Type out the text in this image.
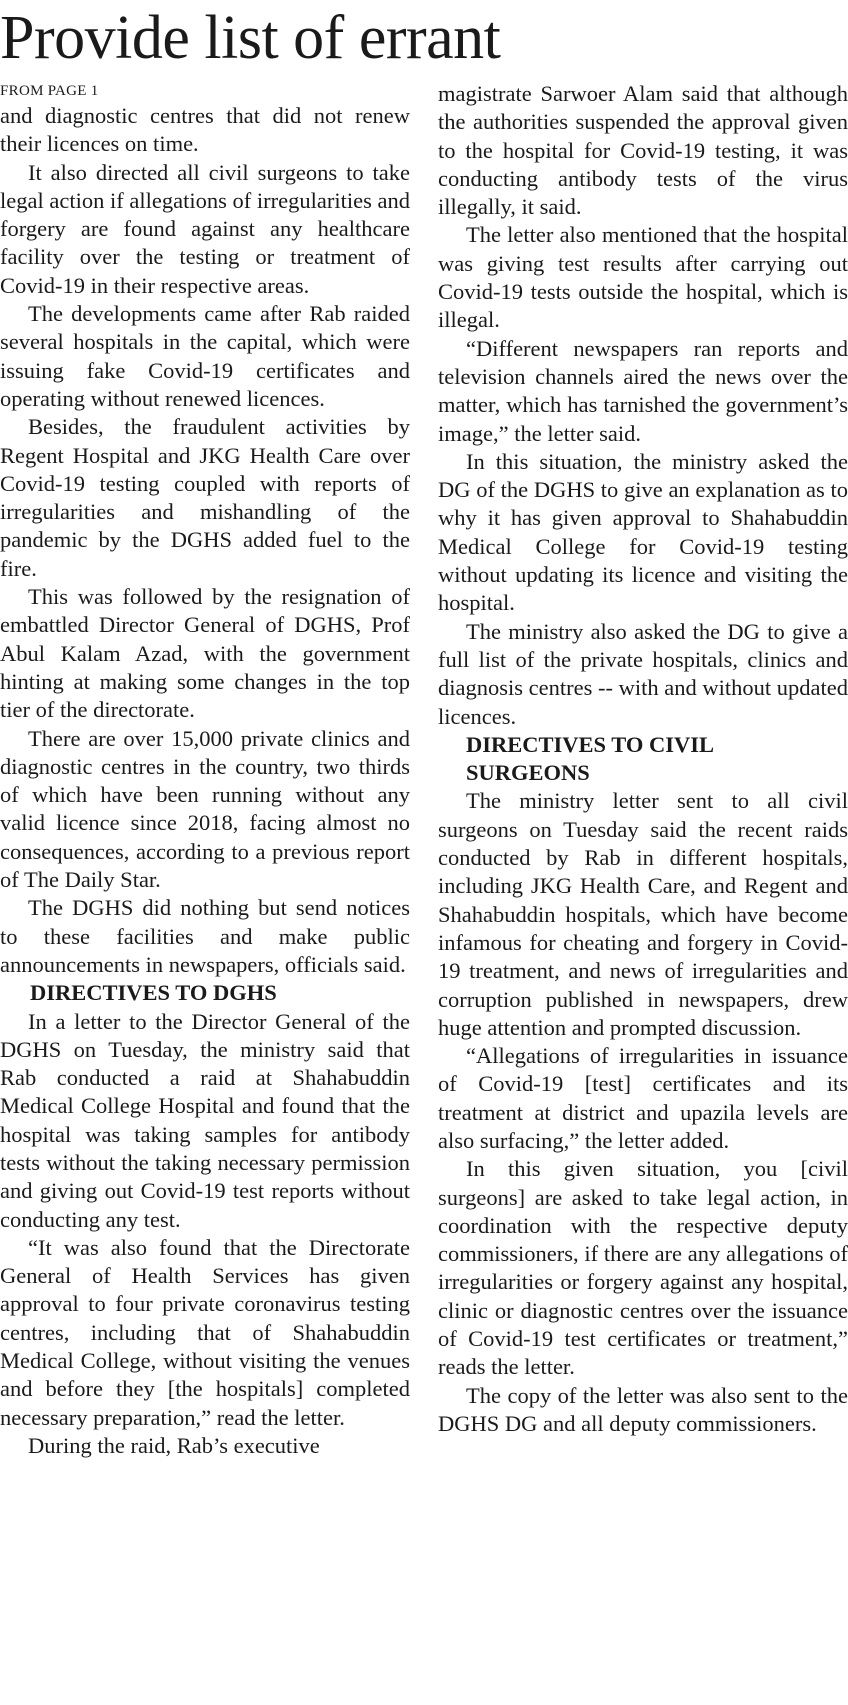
Provide list of errant
FROM PAGE 1

and diagnostic centres that did not renew their licences on time.

It also directed all civil surgeons to take legal action if allegations of irregularities and forgery are found against any healthcare facility over the testing or treatment of Covid-19 in their respective areas.

The developments came after Rab raided several hospitals in the capital, which were issuing fake Covid-19 certificates and operating without renewed licences.

Besides, the fraudulent activities by Regent Hospital and JKG Health Care over Covid-19 testing coupled with reports of irregularities and mishandling of the pandemic by the DGHS added fuel to the fire.

This was followed by the resignation of embattled Director General of DGHS, Prof Abul Kalam Azad, with the government hinting at making some changes in the top tier of the directorate.

There are over 15,000 private clinics and diagnostic centres in the country, two thirds of which have been running without any valid licence since 2018, facing almost no consequences, according to a previous report of The Daily Star.

The DGHS did nothing but send notices to these facilities and make public announcements in newspapers, officials said.

DIRECTIVES TO DGHS

In a letter to the Director General of the DGHS on Tuesday, the ministry said that Rab conducted a raid at Shahabuddin Medical College Hospital and found that the hospital was taking samples for antibody tests without the taking necessary permission and giving out Covid-19 test reports without conducting any test.

“It was also found that the Directorate General of Health Services has given approval to four private coronavirus testing centres, including that of Shahabuddin Medical College, without visiting the venues and before they [the hospitals] completed necessary preparation,” read the letter.

During the raid, Rab’s executive

magistrate Sarwoer Alam said that although the authorities suspended the approval given to the hospital for Covid-19 testing, it was conducting antibody tests of the virus illegally, it said.

The letter also mentioned that the hospital was giving test results after carrying out Covid-19 tests outside the hospital, which is illegal.

“Different newspapers ran reports and television channels aired the news over the matter, which has tarnished the government’s image,” the letter said.

In this situation, the ministry asked the DG of the DGHS to give an explanation as to why it has given approval to Shahabuddin Medical College for Covid-19 testing without updating its licence and visiting the hospital.

The ministry also asked the DG to give a full list of the private hospitals, clinics and diagnosis centres -- with and without updated licences.

DIRECTIVES TO CIVIL SURGEONS

The ministry letter sent to all civil surgeons on Tuesday said the recent raids conducted by Rab in different hospitals, including JKG Health Care, and Regent and Shahabuddin hospitals, which have become infamous for cheating and forgery in Covid-19 treatment, and news of irregularities and corruption published in newspapers, drew huge attention and prompted discussion.

“Allegations of irregularities in issuance of Covid-19 [test] certificates and its treatment at district and upazila levels are also surfacing,” the letter added.

In this given situation, you [civil surgeons] are asked to take legal action, in coordination with the respective deputy commissioners, if there are any allegations of irregularities or forgery against any hospital, clinic or diagnostic centres over the issuance of Covid-19 test certificates or treatment,” reads the letter.

The copy of the letter was also sent to the DGHS DG and all deputy commissioners.
